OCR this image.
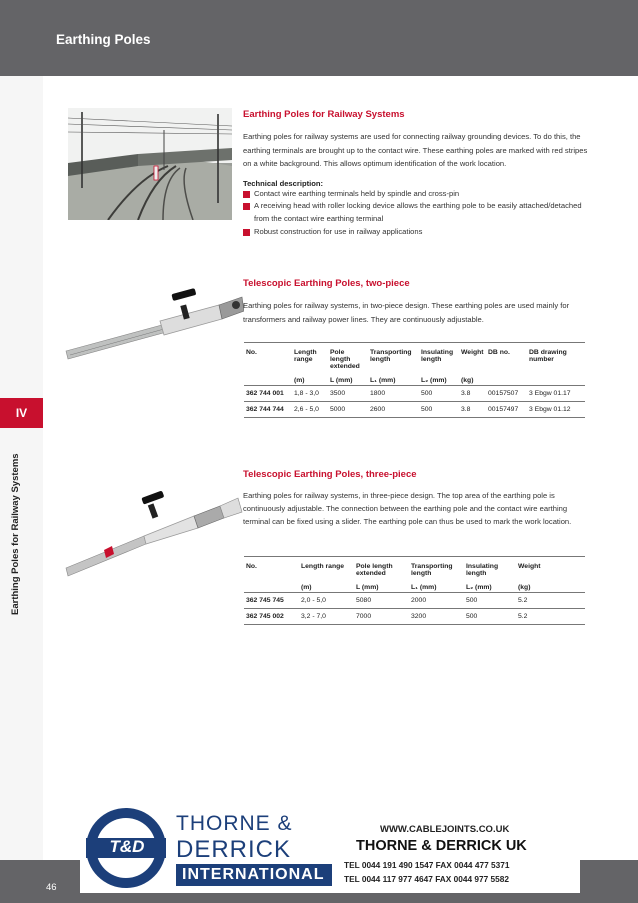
Earthing Poles
IV
Earthing Poles for Railway Systems
Earthing Poles for Railway Systems
Earthing poles for railway systems are used for connecting railway grounding devices. To do this, the earthing terminals are brought up to the contact wire. These earthing poles are marked with red stripes on a white background. This allows optimum identification of the work location.
Technical description:
Contact wire earthing terminals held by spindle and cross-pin
A receiving head with roller locking device allows the earthing pole to be easily attached/detached from the contact wire earthing terminal
Robust construction for use in railway applications
Telescopic Earthing Poles, two-piece
Earthing poles for railway systems, in two-piece design. These earthing poles are used mainly for transformers and railway power lines. They are continuously adjustable.
No.	Length range	Pole length extended	Transporting length	Insulating length	Weight	DB no.	DB drawing number
	(m)	L (mm)	L₁ (mm)	L₂ (mm)	(kg)		
362 744 001	1,8 - 3,0	3500	1800	500	3.8	00157507	3 Ebgw 01.17
362 744 744	2,6 - 5,0	5000	2600	500	3.8	00157497	3 Ebgw 01.12
Telescopic Earthing Poles, three-piece
Earthing poles for railway systems, in three-piece design. The top area of the earthing pole is continuously adjustable. The connection between the earthing pole and the contact wire earthing terminal can be fixed using a slider. The earthing pole can thus be used to mark the work location.
No.	Length range	Pole length extended	Transporting length	Insulating length	Weight
	(m)	L (mm)	L₁ (mm)	L₂ (mm)	(kg)
362 745 745	2,0 - 5,0	5080	2000	500	5.2
362 745 002	3,2 - 7,0	7000	3200	500	5.2
46
T&D
THORNE &
DERRICK
INTERNATIONAL
WWW.CABLEJOINTS.CO.UK
THORNE & DERRICK UK
TEL 0044 191 490 1547 FAX 0044 477 5371
TEL 0044 117 977 4647 FAX 0044 977 5582
